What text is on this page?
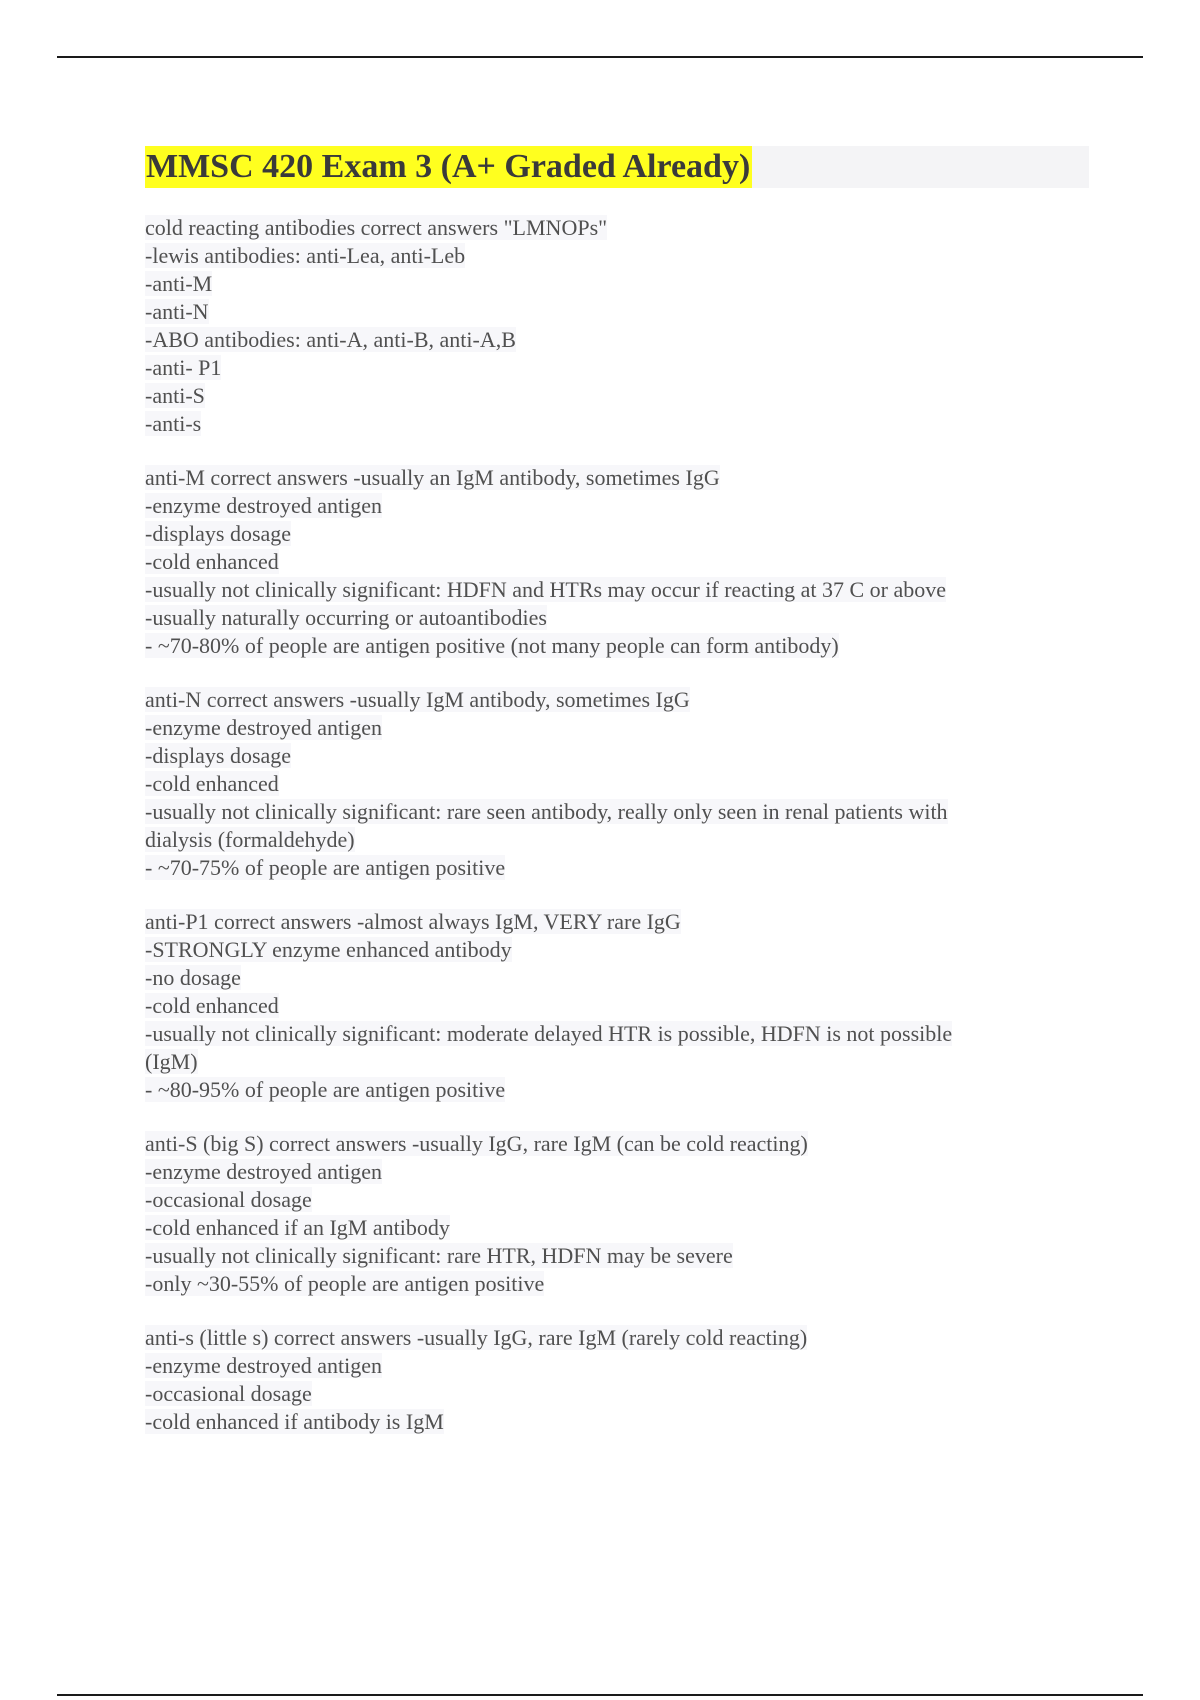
MMSC 420 Exam 3 (A+ Graded Already)
cold reacting antibodies correct answers "LMNOPs"
-lewis antibodies: anti-Lea, anti-Leb
-anti-M
-anti-N
-ABO antibodies: anti-A, anti-B, anti-A,B
-anti- P1
-anti-S
-anti-s
anti-M correct answers -usually an IgM antibody, sometimes IgG
-enzyme destroyed antigen
-displays dosage
-cold enhanced
-usually not clinically significant: HDFN and HTRs may occur if reacting at 37 C or above
-usually naturally occurring or autoantibodies
- ~70-80% of people are antigen positive (not many people can form antibody)
anti-N correct answers -usually IgM antibody, sometimes IgG
-enzyme destroyed antigen
-displays dosage
-cold enhanced
-usually not clinically significant: rare seen antibody, really only seen in renal patients with
dialysis (formaldehyde)
- ~70-75% of people are antigen positive
anti-P1 correct answers -almost always IgM, VERY rare IgG
-STRONGLY enzyme enhanced antibody
-no dosage
-cold enhanced
-usually not clinically significant: moderate delayed HTR is possible, HDFN is not possible
(IgM)
- ~80-95% of people are antigen positive
anti-S (big S) correct answers -usually IgG, rare IgM (can be cold reacting)
-enzyme destroyed antigen
-occasional dosage
-cold enhanced if an IgM antibody
-usually not clinically significant: rare HTR, HDFN may be severe
-only ~30-55% of people are antigen positive
anti-s (little s) correct answers -usually IgG, rare IgM (rarely cold reacting)
-enzyme destroyed antigen
-occasional dosage
-cold enhanced if antibody is IgM
